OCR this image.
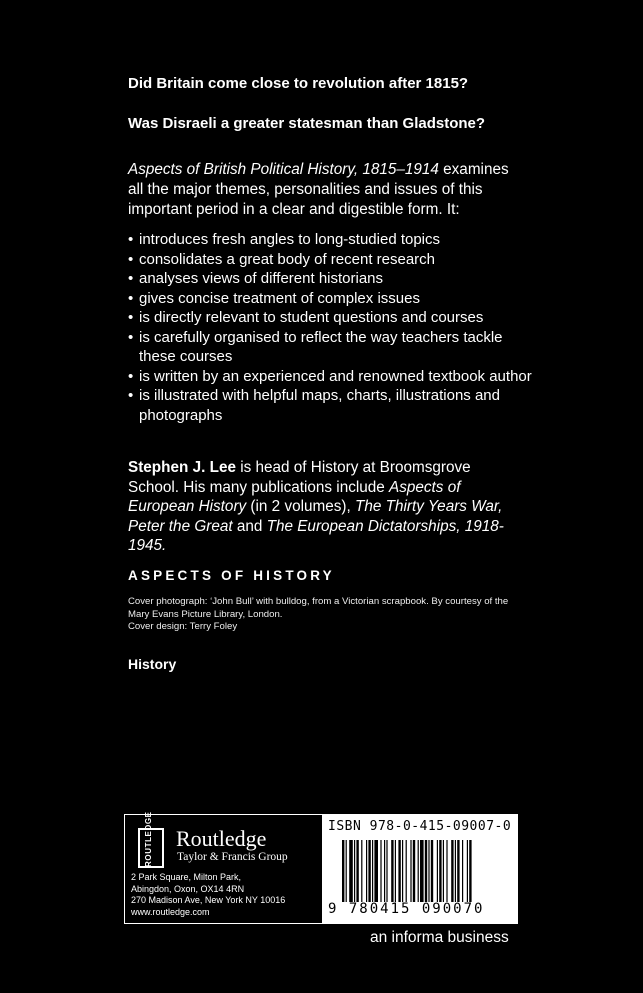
Did Britain come close to revolution after 1815?
Was Disraeli a greater statesman than Gladstone?
Aspects of British Political History, 1815–1914 examines all the major themes, personalities and issues of this important period in a clear and digestible form. It:
• introduces fresh angles to long-studied topics
• consolidates a great body of recent research
• analyses views of different historians
• gives concise treatment of complex issues
• is directly relevant to student questions and courses
• is carefully organised to reflect the way teachers tackle these courses
• is written by an experienced and renowned textbook author
• is illustrated with helpful maps, charts, illustrations and photographs
Stephen J. Lee is head of History at Broomsgrove School. His many publications include Aspects of European History (in 2 volumes), The Thirty Years War, Peter the Great and The European Dictatorships, 1918-1945.
ASPECTS OF HISTORY
Cover photograph: ‘John Bull’ with bulldog, from a Victorian scrapbook. By courtesy of the Mary Evans Picture Library, London.
Cover design: Terry Foley
History
ROUTLEDGE Routledge
Taylor & Francis Group
2 Park Square, Milton Park,
Abingdon, Oxon, OX14 4RN
270 Madison Ave, New York NY 10016
www.routledge.com
ISBN 978-0-415-09007-0
9 780415 090070
an informa business
